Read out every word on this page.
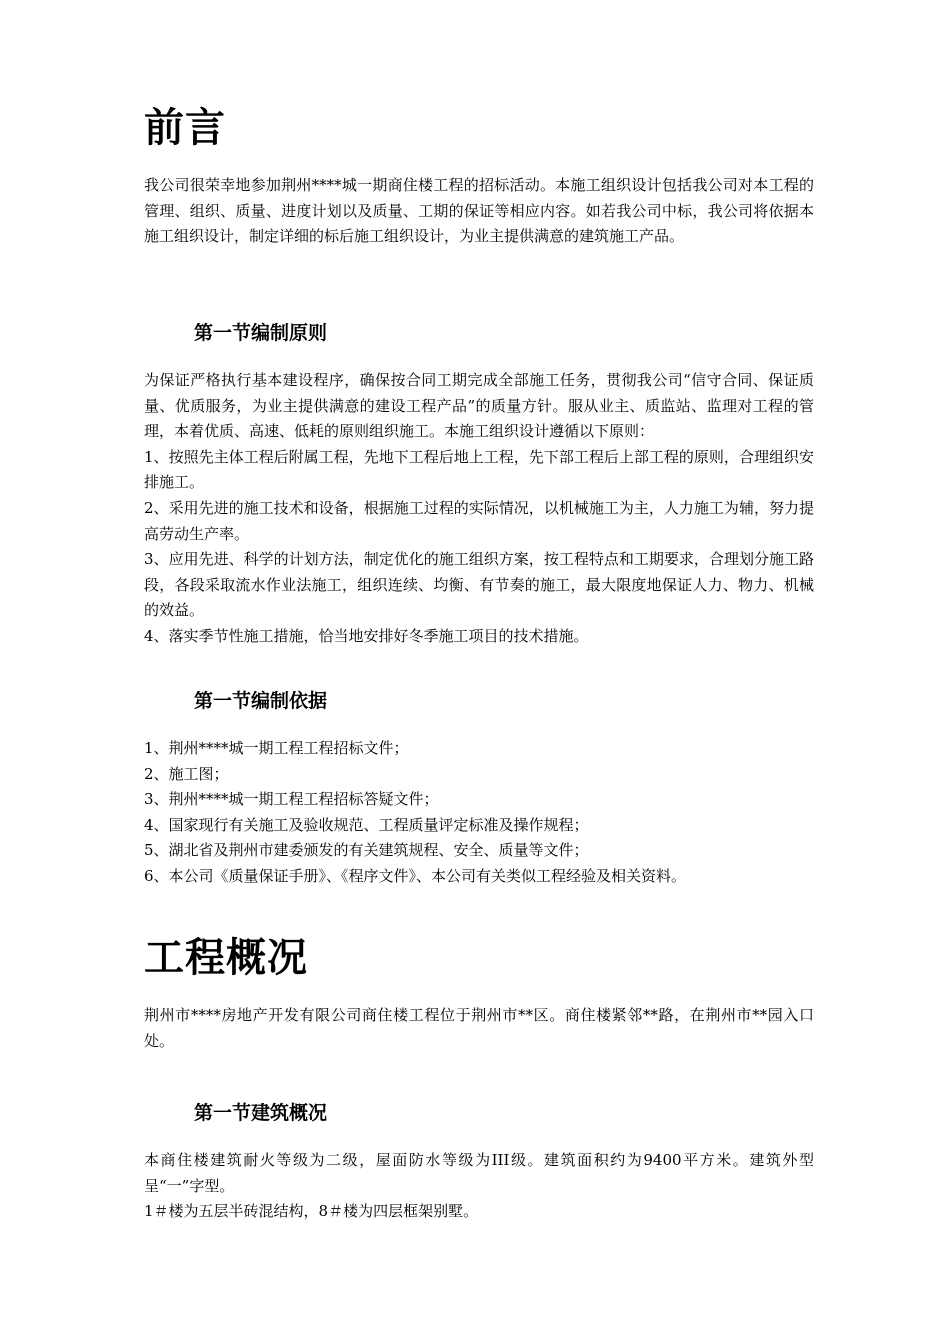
前言

我公司很荣幸地参加荆州****城一期商住楼工程的招标活动。本施工组织设计包括我公司对本工程的管理、组织、质量、进度计划以及质量、工期的保证等相应内容。如若我公司中标，我公司将依据本施工组织设计，制定详细的标后施工组织设计，为业主提供满意的建筑施工产品。

第一节编制原则

为保证严格执行基本建设程序，确保按合同工期完成全部施工任务，贯彻我公司“信守合同、保证质量、优质服务，为业主提供满意的建设工程产品”的质量方针。服从业主、质监站、监理对工程的管理，本着优质、高速、低耗的原则组织施工。本施工组织设计遵循以下原则：

1、按照先主体工程后附属工程，先地下工程后地上工程，先下部工程后上部工程的原则，合理组织安排施工。

2、采用先进的施工技术和设备，根据施工过程的实际情况，以机械施工为主，人力施工为辅，努力提高劳动生产率。

3、应用先进、科学的计划方法，制定优化的施工组织方案，按工程特点和工期要求，合理划分施工路段，各段采取流水作业法施工，组织连续、均衡、有节奏的施工，最大限度地保证人力、物力、机械的效益。

4、落实季节性施工措施，恰当地安排好冬季施工项目的技术措施。

第一节编制依据

1、荆州****城一期工程工程招标文件；

2、施工图；

3、荆州****城一期工程工程招标答疑文件；

4、国家现行有关施工及验收规范、工程质量评定标准及操作规程；

5、湖北省及荆州市建委颁发的有关建筑规程、安全、质量等文件；

6、本公司《质量保证手册》、《程序文件》、本公司有关类似工程经验及相关资料。

工程概况

荆州市****房地产开发有限公司商住楼工程位于荆州市**区。商住楼紧邻**路，在荆州市**园入口处。

第一节建筑概况

本商住楼建筑耐火等级为二级，屋面防水等级为III级。建筑面积约为9400平方米。建筑外型呈“一”字型。

1＃楼为五层半砖混结构，8＃楼为四层框架别墅。
